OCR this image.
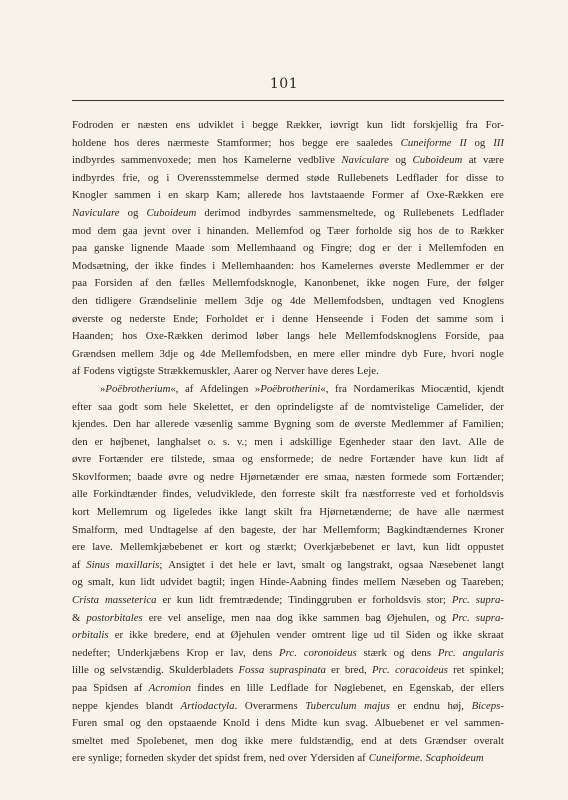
101
Fodroden er næsten ens udviklet i begge Rækker, iøvrigt kun lidt forskjellig fra For-
holdene hos deres nærmeste Stamformer; hos begge ere saaledes Cuneiforme II og III
indbyrdes sammenvoxede; men hos Kamelerne vedblive Naviculare og Cuboideum at være
indbyrdes frie, og i Overensstemmelse dermed støde Rullebenets Ledflader for disse to
Knogler sammen i en skarp Kam; allerede hos lavtstaaende Former af Oxe-Rækken ere
Naviculare og Cuboideum derimod indbyrdes sammensmeltede, og Rullebenets Ledflader
mod dem gaa jevnt over i hinanden. Mellemfod og Tæer forholde sig hos de to Rækker
paa ganske lignende Maade som Mellemhaand og Fingre; dog er der i Mellemfoden en
Modsætning, der ikke findes i Mellemhaanden: hos Kamelernes øverste Medlemmer er der
paa Forsiden af den fælles Mellemfodsknogle, Kanonbenet, ikke nogen Fure, der følger
den tidligere Grændselinie mellem 3dje og 4de Mellemfodsben, undtagen ved Knoglens
øverste og nederste Ende; Forholdet er i denne Henseende i Foden det samme som i
Haanden; hos Oxe-Rækken derimod løber langs hele Mellemfodsknoglens Forside, paa
Grændsen mellem 3dje og 4de Mellemfodsben, en mere eller mindre dyb Fure, hvori nogle
af Fodens vigtigste Strækkemuskler, Aarer og Nerver have deres Leje.
»Poëbrotherium«, af Afdelingen »Poëbrotherini«, fra Nordamerikas Miocæntid, kjendt
efter saa godt som hele Skelettet, er den oprindeligste af de nomtvistelige Camelider, der
kjendes. Den har allerede væsenlig samme Bygning som de øverste Medlemmer af Familien;
den er højbenet, langhalset o. s. v.; men i adskillige Egenheder staar den lavt. Alle de
øvre Fortænder ere tilstede, smaa og ensformede; de nedre Fortænder have kun lidt af
Skovlformen; baade øvre og nedre Hjørnetænder ere smaa, næsten formede som Fortænder;
alle Forkindtænder findes, veludviklede, den forreste skilt fra næstforreste ved et forholdsvis
kort Mellemrum og ligeledes ikke langt skilt fra Hjørnetænderne; de have alle nærmest
Smalform, med Undtagelse af den bageste, der har Mellemform; Bagkindtændernes Kroner
ere lave. Mellemkjæbebenet er kort og stærkt; Overkjæbebenet er lavt, kun lidt oppustet
af Sinus maxillaris; Ansigtet i det hele er lavt, smalt og langstrakt, ogsaa Næsebenet langt
og smalt, kun lidt udvidet bagtil; ingen Hinde-Aabning findes mellem Næseben og Taareben;
Crista masseterica er kun lidt fremtrædende; Tindinggruben er forholdsvis stor; Prc. supra-
& postorbitales ere vel anselige, men naa dog ikke sammen bag Øjehulen, og Prc. supra-
orbitalis er ikke bredere, end at Øjehulen vender omtrent lige ud til Siden og ikke skraat
nedefter; Underkjæbens Krop er lav, dens Prc. coronoideus stærk og dens Prc. angularis
lille og selvstændig. Skulderbladets Fossa supraspinata er bred, Prc. coracoideus ret spinkel;
paa Spidsen af Acromion findes en lille Ledflade for Nøglebenet, en Egenskab, der ellers
neppe kjendes blandt Artiodactyla. Overarmens Tuberculum majus er endnu høj, Biceps-
Furen smal og den opstaaende Knold i dens Midte kun svag. Albuebenet er vel sammen-
smeltet med Spolebenet, men dog ikke mere fuldstændig, end at dets Grændser overalt
ere synlige; forneden skyder det spidst frem, ned over Ydersiden af Cuneiforme. Scaphoideum
